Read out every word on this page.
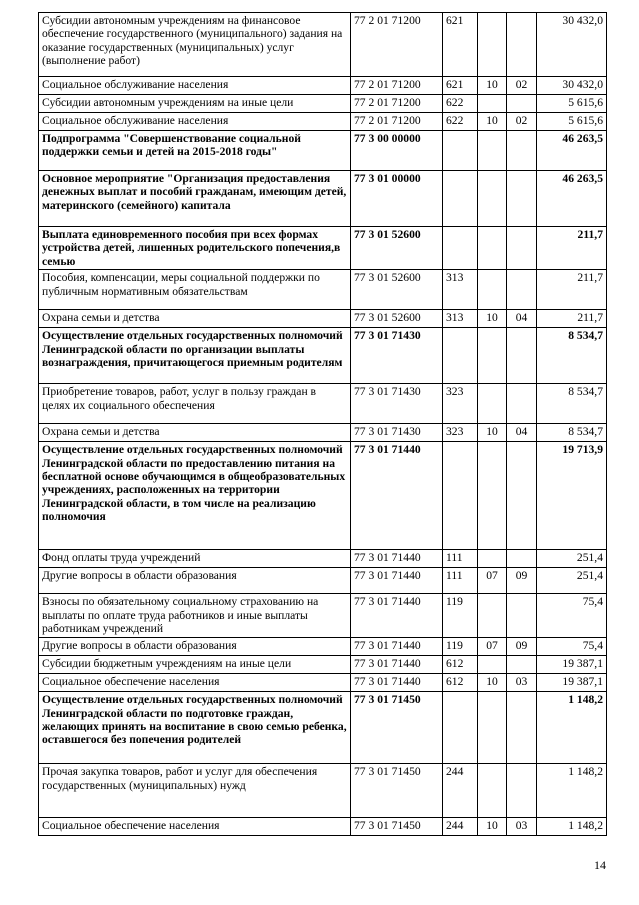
Субсидии автономным учреждениям на финансовое обеспечение государственного (муниципального) задания на оказание государственных (муниципальных) услуг (выполнение работ)	77 2 01 71200	621			30 432,0
Социальное обслуживание населения	77 2 01 71200	621	10	02	30 432,0
Субсидии автономным учреждениям на иные цели	77 2 01 71200	622			5 615,6
Социальное обслуживание населения	77 2 01 71200	622	10	02	5 615,6
Подпрограмма "Совершенствование социальной поддержки семьи и детей на 2015-2018 годы"	77 3 00 00000				46 263,5
Основное мероприятие "Организация предоставления денежных выплат и пособий гражданам, имеющим детей, материнского (семейного) капитала	77 3 01 00000				46 263,5
Выплата единовременного пособия при всех формах устройства детей, лишенных родительского попечения,в семью	77 3 01 52600				211,7
Пособия, компенсации, меры социальной поддержки по публичным нормативным обязательствам	77 3 01 52600	313			211,7
Охрана семьи и детства	77 3 01 52600	313	10	04	211,7
Осуществление отдельных государственных полномочий Ленинградской области по организации выплаты вознаграждения, причитающегося приемным родителям	77 3 01 71430				8 534,7
Приобретение товаров, работ, услуг в пользу граждан в целях их социального обеспечения	77 3 01 71430	323			8 534,7
Охрана семьи и детства	77 3 01 71430	323	10	04	8 534,7
Осуществление отдельных государственных полномочий Ленинградской области по предоставлению питания на бесплатной основе обучающимся в общеобразовательных учреждениях, расположенных на территории Ленинградской области, в том числе на реализацию полномочия	77 3 01 71440				19 713,9
Фонд оплаты труда учреждений	77 3 01 71440	111			251,4
Другие вопросы в области образования	77 3 01 71440	111	07	09	251,4
Взносы по обязательному социальному страхованию на выплаты по оплате труда работников и иные выплаты работникам учреждений	77 3 01 71440	119			75,4
Другие вопросы в области образования	77 3 01 71440	119	07	09	75,4
Субсидии бюджетным учреждениям на иные цели	77 3 01 71440	612			19 387,1
Социальное обеспечение населения	77 3 01 71440	612	10	03	19 387,1
Осуществление отдельных государственных полномочий Ленинградской области по подготовке граждан, желающих принять на воспитание в свою семью ребенка, оставшегося без попечения родителей	77 3 01 71450				1 148,2
Прочая закупка товаров, работ и услуг для обеспечения государственных (муниципальных) нужд	77 3 01 71450	244			1 148,2
Социальное обеспечение населения	77 3 01 71450	244	10	03	1 148,2
14
